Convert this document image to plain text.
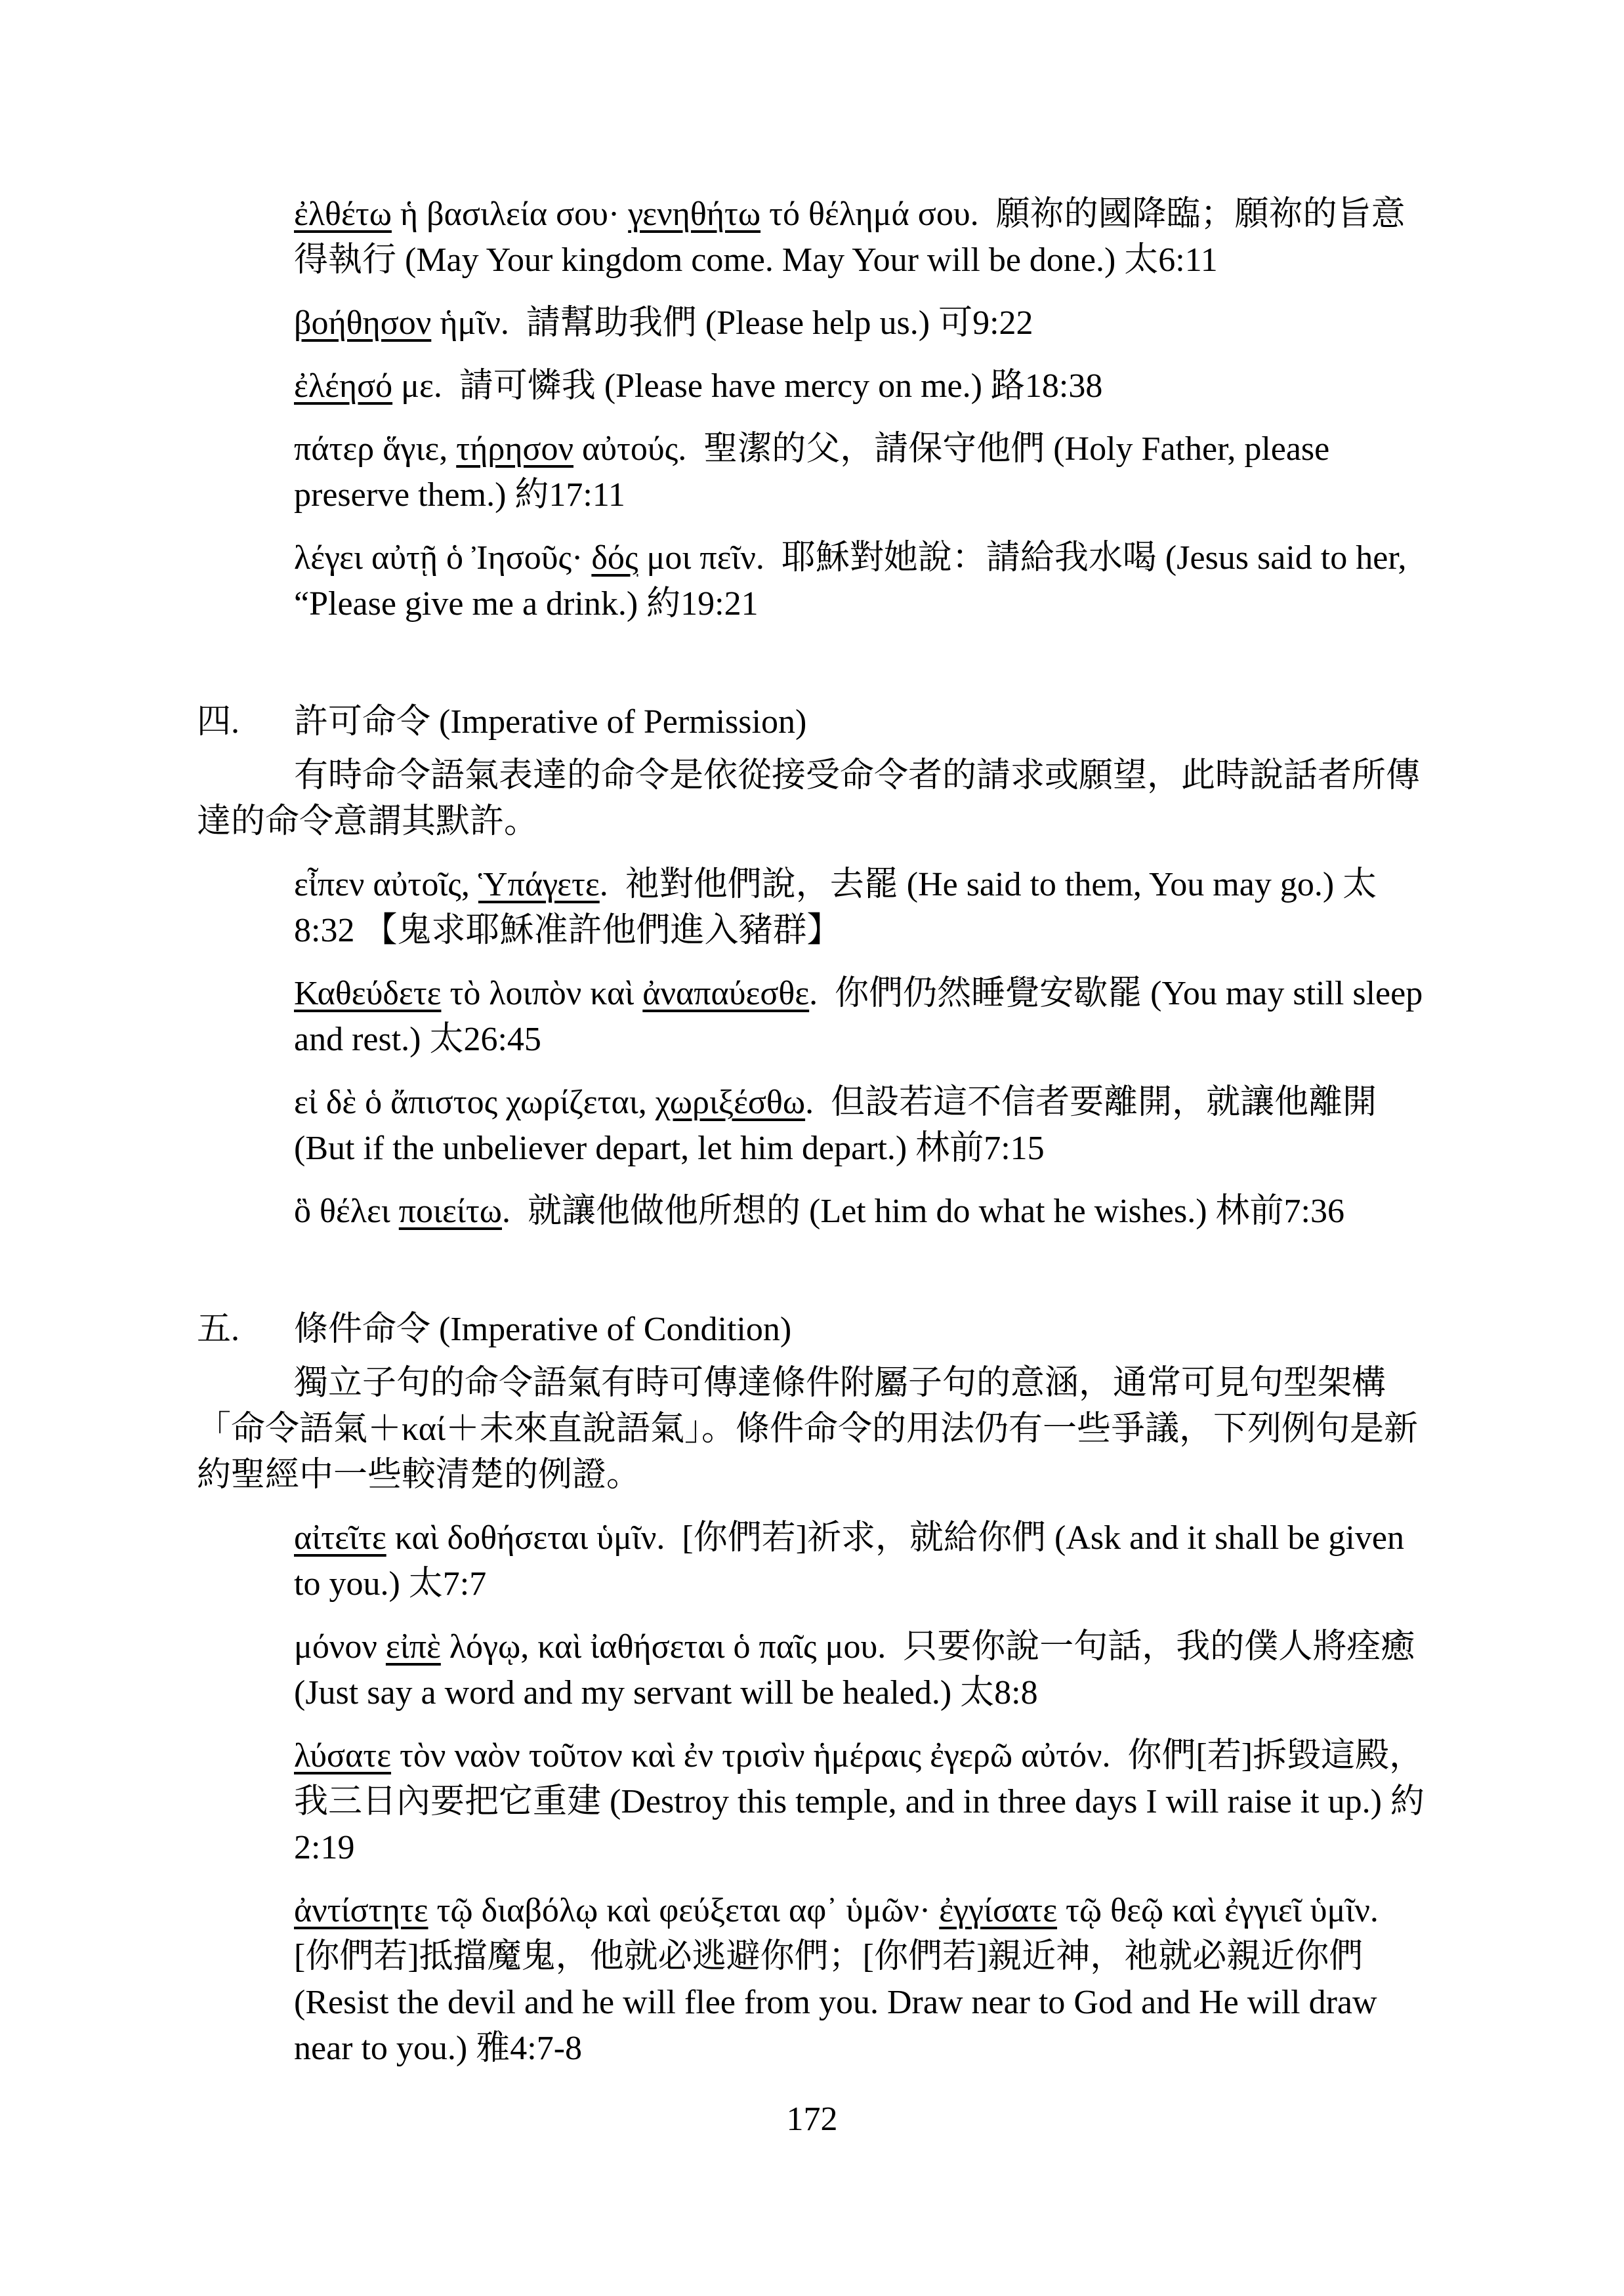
ἐλθέτω ἡ βασιλεία σου· γενηθήτω τό θέλημά σου.  願祢的國降臨；願祢的旨意得執行 (May Your kingdom come. May Your will be done.) 太6:11

βοήθησον ἡμῖν.  請幫助我們 (Please help us.) 可9:22

ἐλέησό με.  請可憐我 (Please have mercy on me.) 路18:38

πάτερ ἅγιε, τήρησον αὐτούς.  聖潔的父，請保守他們 (Holy Father, please preserve them.) 約17:11

λέγει αὐτῇ ὁ Ἰησοῦς· δός μοι πεῖν.  耶穌對她說：請給我水喝 (Jesus said to her, “Please give me a drink.) 約19:21

四. 許可命令 (Imperative of Permission)

有時命令語氣表達的命令是依從接受命令者的請求或願望，此時說話者所傳達的命令意謂其默許。

εἶπεν αὐτοῖς, Ὑπάγετε.  祂對他們說，去罷 (He said to them, You may go.) 太8:32 【鬼求耶穌准許他們進入豬群】

Καθεύδετε τὸ λοιπὸν καὶ ἀναπαύεσθε.  你們仍然睡覺安歇罷 (You may still sleep and rest.) 太26:45

εἰ δὲ ὁ ἄπιστος χωρίζεται, χωριξέσθω.  但設若這不信者要離開，就讓他離開 (But if the unbeliever depart, let him depart.) 林前7:15

ὃ θέλει ποιείτω.  就讓他做他所想的 (Let him do what he wishes.) 林前7:36

五. 條件命令 (Imperative of Condition)

獨立子句的命令語氣有時可傳達條件附屬子句的意涵，通常可見句型架構「命令語氣＋καί＋未來直說語氣」。條件命令的用法仍有一些爭議，下列例句是新約聖經中一些較清楚的例證。

αἰτεῖτε καὶ δοθήσεται ὑμῖν.  [你們若]祈求，就給你們 (Ask and it shall be given to you.) 太7:7

μόνον εἰπὲ λόγῳ, καὶ ἰαθήσεται ὁ παῖς μου.  只要你說一句話，我的僕人將痊癒 (Just say a word and my servant will be healed.) 太8:8

λύσατε τὸν ναὸν τοῦτον καὶ ἐν τρισὶν ἡμέραις ἐγερῶ αὐτόν.  你們[若]拆毀這殿，我三日內要把它重建 (Destroy this temple, and in three days I will raise it up.) 約2:19

ἀντίστητε τῷ διαβόλῳ καὶ φεύξεται αφ᾽ ὑμῶν· ἐγγίσατε τῷ θεῷ καὶ ἐγγιεῖ ὑμῖν.  [你們若]抵擋魔鬼，他就必逃避你們；[你們若]親近神，祂就必親近你們 (Resist the devil and he will flee from you. Draw near to God and He will draw near to you.) 雅4:7-8

172
